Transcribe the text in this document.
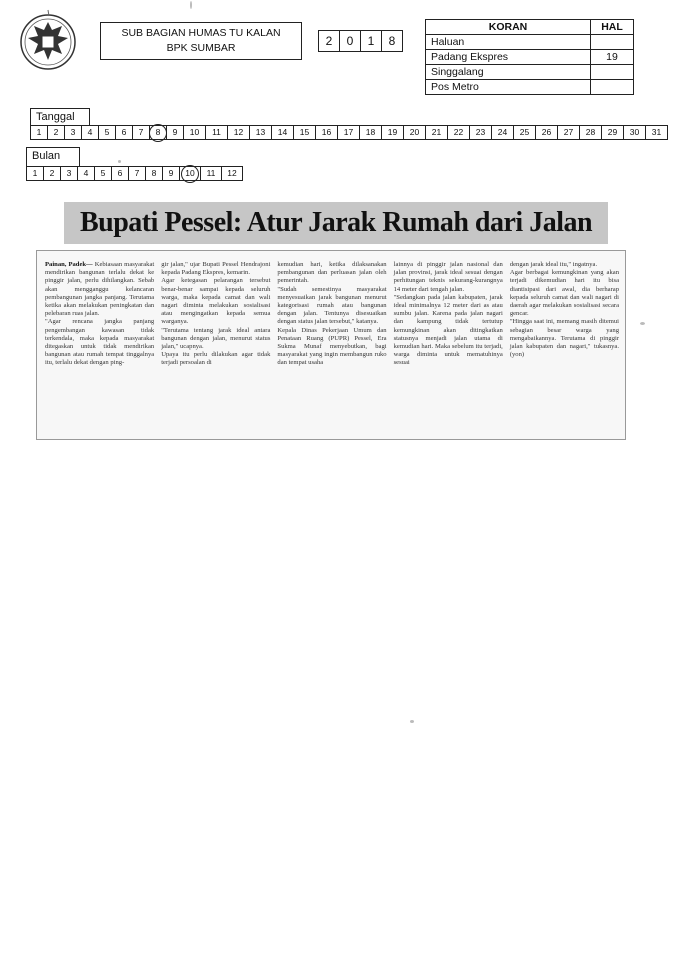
SUB BAGIAN HUMAS TU KALAN
BPK SUMBAR	2	0	1	8
KORAN	HAL
Haluan	
Padang Ekspres	19
Singgalang	
Pos Metro	
Tanggal
1	2	3	4	5	6	7	8	9	10	11	12	13	14	15	16	17	18	19	20	21	22	23	24	25	26	27	28	29	30	31
Bulan
1	2	3	4	5	6	7	8	9	10	11	12
Bupati Pessel: Atur Jarak Rumah dari Jalan
Painan, Padek— Kebiasaan masyarakat mendirikan bangunan terlalu dekat ke pinggir jalan, perlu dihilangkan. Sebab akan mengganggu kelancaran pembangunan jangka panjang. Terutama ketika akan melakukan peningkatan dan pelebaran ruas jalan.
"Agar rencana jangka panjang pengembangan kawasan tidak terkendala, maka kepada masyarakat ditegaskan untuk tidak mendirikan bangunan atau rumah tempat tinggalnya itu, terlalu dekat dengan ping-
gir jalan," ujar Bupati Pessel Hendrajoni kepada Padang Ekspres, kemarin.
Agar ketegasan pelarangan tersebut benar-benar sampai kepada seluruh warga, maka kepada camat dan wali nagari diminta melakukan sosialisasi atau mengingatkan kepada semua warganya.
"Terutama tentang jarak ideal antara bangunan dengan jalan, menurut status jalan," ucapnya.
Upaya itu perlu dilakukan agar tidak terjadi persoalan di
kemudian hari, ketika dilaksanakan pembangunan dan perluasan jalan oleh pemerintah.
"Sudah semestinya masyarakat menyesuaikan jarak bangunan menurut kategorisasi rumah atau bangunan dengan jalan. Tentunya disesuaikan dengan status jalan tersebut," katanya.
Kepala Dinas Pekerjaan Umum dan Penataan Ruang (PUPR) Pessel, Era Sukma Munaf menyebutkan, bagi masyarakat yang ingin membangun ruko dan tempat usaha
lainnya di pinggir jalan nasional dan jalan provinsi, jarak ideal sesuai dengan perhitungan teknis sekurang-kurangnya 14 meter dari tengah jalan.
"Sedangkan pada jalan kabupaten, jarak ideal minimalnya 12 meter dari as atau sumbu jalan. Karena pada jalan nagari dan kampung tidak tertutup kemungkinan akan ditingkatkan statusnya menjadi jalan utama di kemudian hari. Maka sebelum itu terjadi, warga diminta untuk mematuhinya sesuai
dengan jarak ideal itu," ingatnya.
Agar berbagai kemungkinan yang akan terjadi dikemudian hari itu bisa diantisipasi dari awal, dia berharap kepada seluruh camat dan wali nagari di daerah agar melakukan sosialisasi secara gencar.
"Hingga saat ini, memang masih ditemui sebagian besar warga yang mengabaikannya. Terutama di pinggir jalan kabupaten dan nagari," tukasnya. (yon)
